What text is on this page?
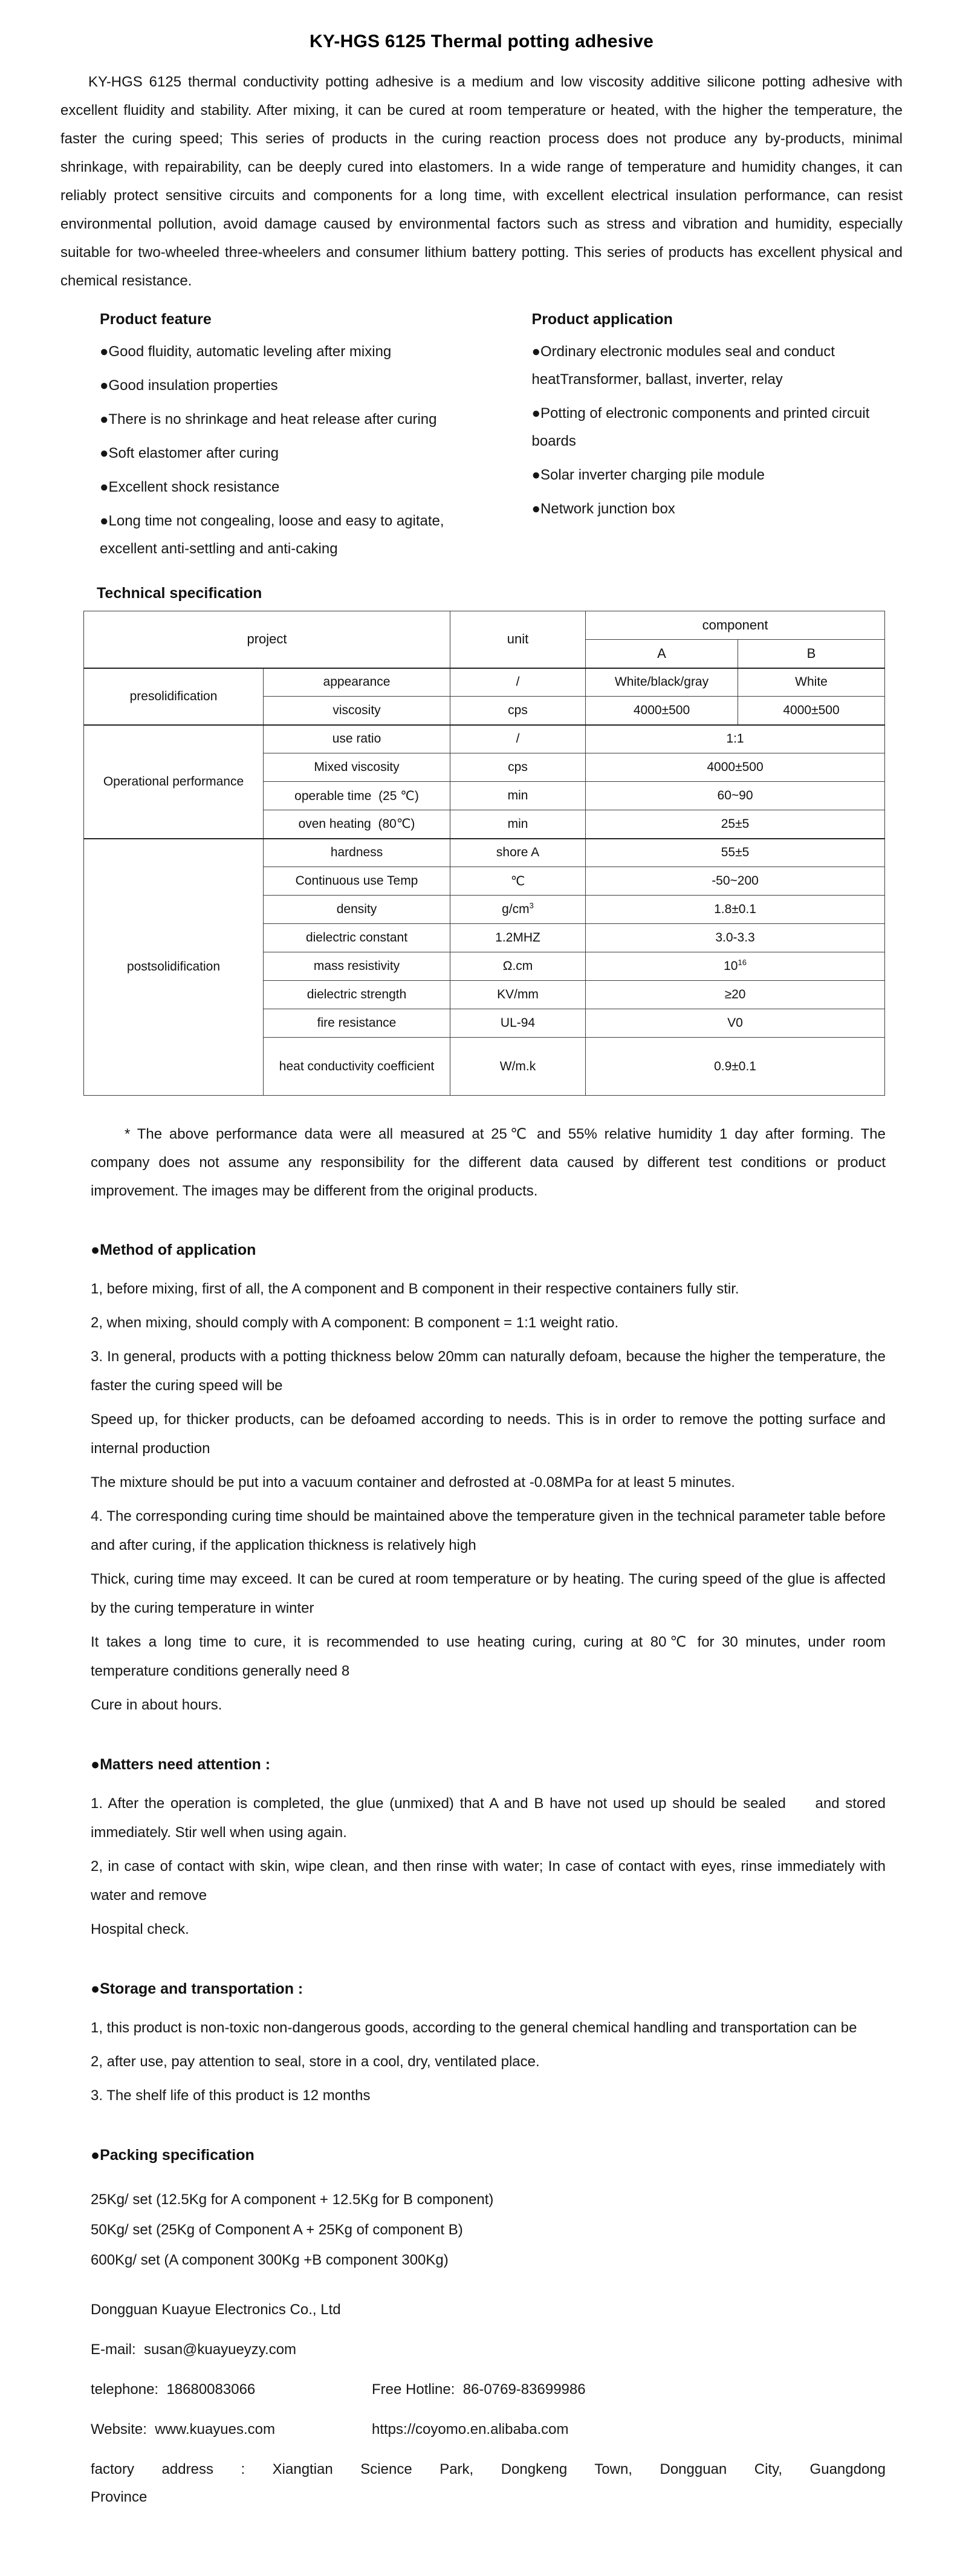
KY-HGS 6125 Thermal potting adhesive

KY-HGS 6125 thermal conductivity potting adhesive is a medium and low viscosity additive silicone potting adhesive with excellent fluidity and stability. After mixing, it can be cured at room temperature or heated, with the higher the temperature, the faster the curing speed; This series of products in the curing reaction process does not produce any by-products, minimal shrinkage, with repairability, can be deeply cured into elastomers. In a wide range of temperature and humidity changes, it can reliably protect sensitive circuits and components for a long time, with excellent electrical insulation performance, can resist environmental pollution, avoid damage caused by environmental factors such as stress and vibration and humidity, especially suitable for two-wheeled three-wheelers and consumer lithium battery potting. This series of products has excellent physical and chemical resistance.

Product feature

●Good fluidity, automatic leveling after mixing

●Good insulation properties

●There is no shrinkage and heat release after curing

●Soft elastomer after curing

●Excellent shock resistance

●Long time not congealing, loose and easy to agitate, excellent anti-settling and anti-caking

Product application

●Ordinary electronic modules seal and conduct heatTransformer, ballast, inverter, relay

●Potting of electronic components and printed circuit boards

●Solar inverter charging pile module

●Network junction box

Technical specification
project		unit	component	
			A	B
presolidification	appearance	/	White/black/gray	White
	viscosity	cps	4000±500	4000±500
Operational performance	use ratio	/	1:1	
	Mixed viscosity	cps	4000±500	
	operable time  (25 ℃)	min	60~90	
	oven heating  (80℃)	min	25±5	
postsolidification	hardness	shore A	55±5	
	Continuous use Temp	℃	-50~200	
	density	$g/cm^3$	1.8±0.1	
	dielectric constant	1.2MHZ	3.0-3.3	
	mass resistivity	Ω.cm	$10^{16}$
	dielectric strength	KV/mm	≥20	
	fire resistance	UL-94	V0	
	heat conductivity coefficient	W/m.k	0.9±0.1	

* The above performance data were all measured at 25℃ and 55% relative humidity 1 day after forming. The company does not assume any responsibility for the different data caused by different test conditions or product improvement. The images may be different from the original products.

●Method of application

1, before mixing, first of all, the A component and B component in their respective containers fully stir.

2, when mixing, should comply with A component: B component = 1:1 weight ratio.

3. In general, products with a potting thickness below 20mm can naturally defoam, because the higher the temperature, the faster the curing speed will be

Speed up, for thicker products, can be defoamed according to needs. This is in order to remove the potting surface and internal production

The mixture should be put into a vacuum container and defrosted at -0.08MPa for at least 5 minutes.

4. The corresponding curing time should be maintained above the temperature given in the technical parameter table before and after curing, if the application thickness is relatively high

Thick, curing time may exceed. It can be cured at room temperature or by heating. The curing speed of the glue is affected by the curing temperature in winter

It takes a long time to cure, it is recommended to use heating curing, curing at 80℃ for 30 minutes, under room temperature conditions generally need 8

Cure in about hours.

●Matters need attention :

1. After the operation is completed, the glue (unmixed) that A and B have not used up should be sealed     and stored immediately. Stir well when using again.

2, in case of contact with skin, wipe clean, and then rinse with water; In case of contact with eyes, rinse immediately with water and remove

Hospital check.

●Storage and transportation :

1, this product is non-toxic non-dangerous goods, according to the general chemical handling and transportation can be

2, after use, pay attention to seal, store in a cool, dry, ventilated place.

3. The shelf life of this product is 12 months

●Packing specification

25Kg/ set (12.5Kg for A component + 12.5Kg for B component)

50Kg/ set (25Kg of Component A + 25Kg of component B)

600Kg/ set (A component 300Kg +B component 300Kg)

Dongguan Kuayue Electronics Co., Ltd

E-mail:  susan@kuayueyzy.com

telephone:  18680083066	Free Hotline:  86-0769-83699986

Website:  www.kuayues.com	https://coyomo.en.alibaba.com

factory address : Xiangtian Science Park, Dongkeng Town, Dongguan City, Guangdong

Province
